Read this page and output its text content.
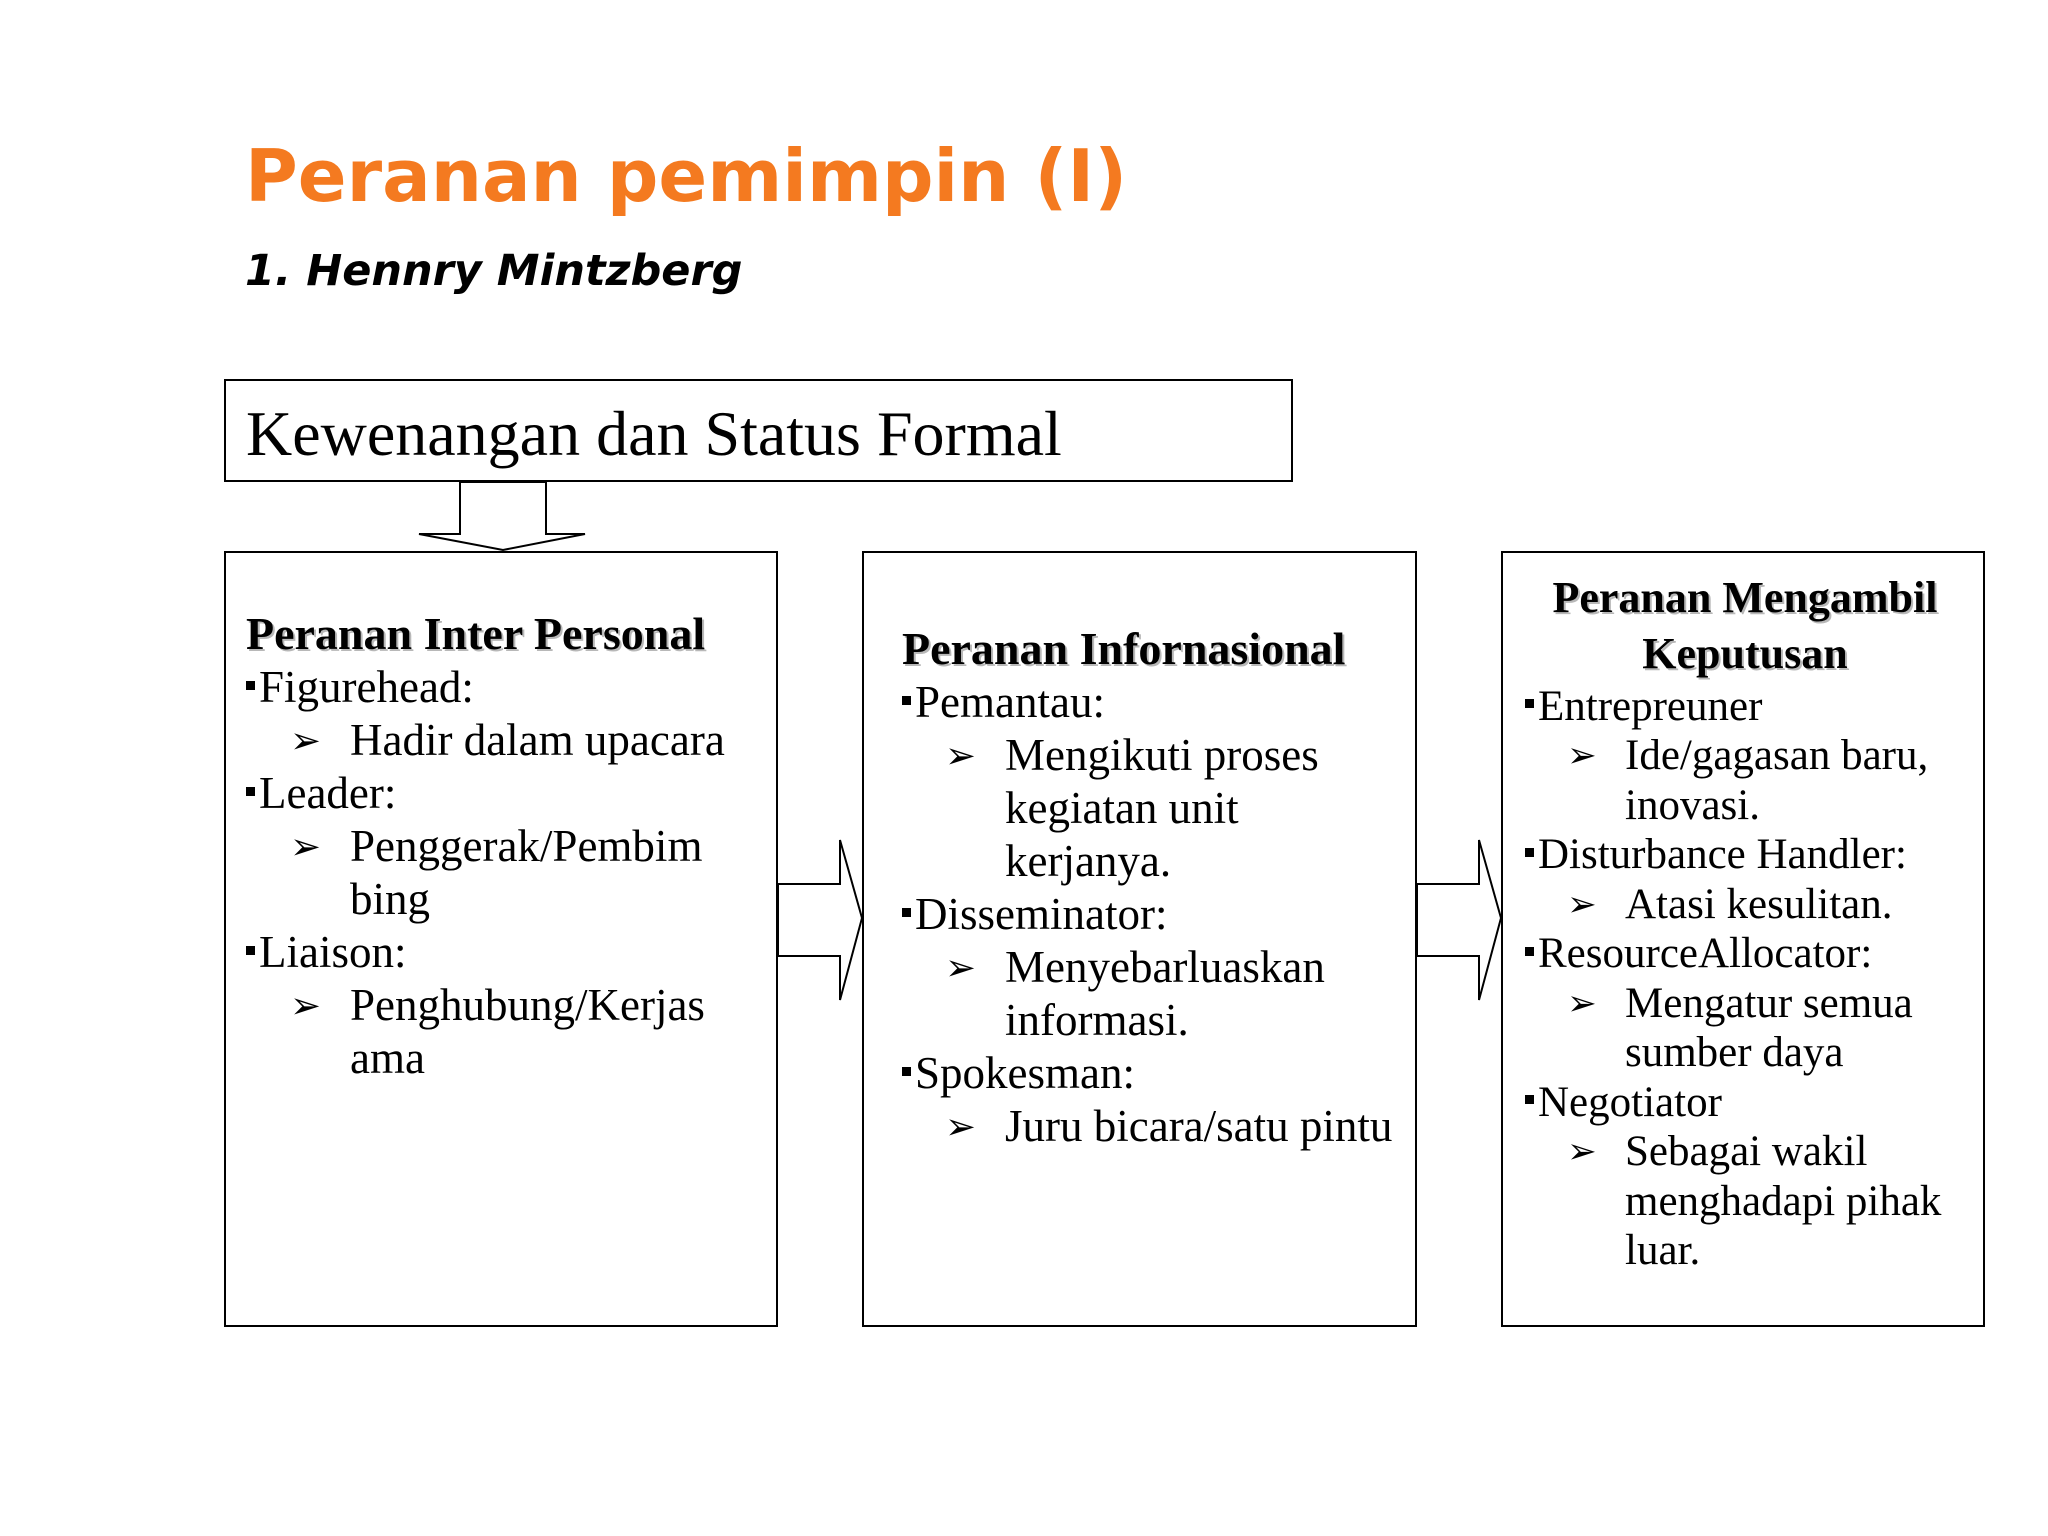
Peranan pemimpin (I)
1. Hennry Mintzberg
Kewenangan dan Status Formal
Peranan Inter Personal
Figurehead:
➢ Hadir dalam upacara
Leader:
➢ Penggerak/Pembim bing
Liaison:
➢ Penghubung/Kerjas ama
Peranan Infornasional
Pemantau:
➢ Mengikuti proses kegiatan unit kerjanya.
Disseminator:
➢ Menyebarluaskan informasi.
Spokesman:
➢ Juru bicara/satu pintu
Peranan Mengambil Keputusan
Entrepreuner
➢ Ide/gagasan baru, inovasi.
Disturbance Handler:
➢ Atasi kesulitan.
ResourceAllocator:
➢ Mengatur semua sumber daya
Negotiator
➢ Sebagai wakil menghadapi pihak luar.
